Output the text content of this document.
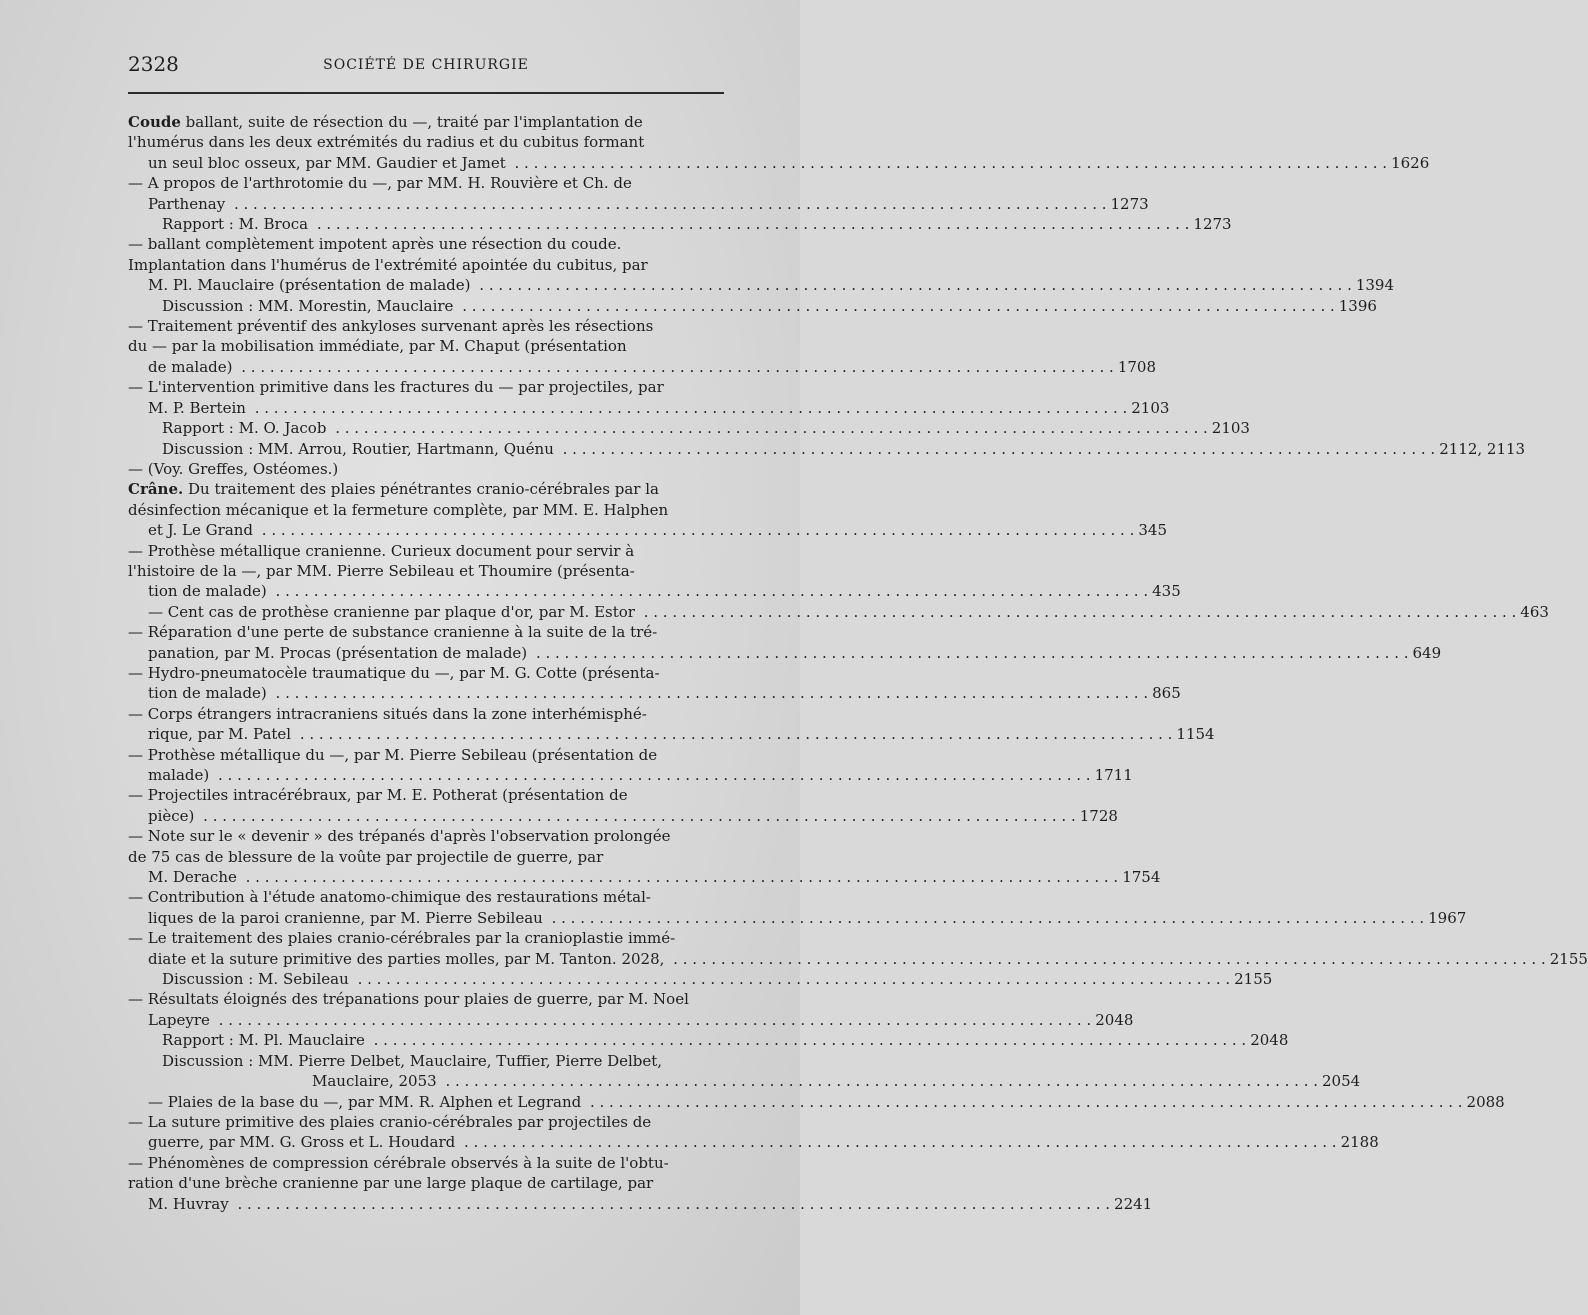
2328	SOCIÉTÉ DE CHIRURGIE
Coude ballant, suite de résection du —, traité par l'implantation de
l'humérus dans les deux extrémités du radius et du cubitus formant
un seul bloc osseux, par MM. Gaudier et Jamet . . .	1626
— A propos de l'arthrotomie du —, par MM. H. Rouvière et Ch. de
Parthenay . . .	1273
Rapport : M. Broca . . .	1273
— ballant complètement impotent après une résection du coude.
Implantation dans l'humérus de l'extrémité apointée du cubitus, par
M. Pl. Mauclaire (présentation de malade) . . .	1394
Discussion : MM. Morestin, Mauclaire . . .	1396
— Traitement préventif des ankyloses survenant après les résections
du — par la mobilisation immédiate, par M. Chaput (présentation
de malade) . . .	1708
— L'intervention primitive dans les fractures du — par projectiles, par
M. P. Bertein . . .	2103
Rapport : M. O. Jacob . . .	2103
Discussion : MM. Arrou, Routier, Hartmann, Quénu . . .	2112, 2113
— (Voy. Greffes, Ostéomes.)
Crâne. Du traitement des plaies pénétrantes cranio-cérébrales par la
désinfection mécanique et la fermeture complète, par MM. E. Halphen
et J. Le Grand . . .	345
— Prothèse métallique cranienne. Curieux document pour servir à
l'histoire de la —, par MM. Pierre Sebileau et Thoumire (présenta-
tion de malade) . . .	435
— Cent cas de prothèse cranienne par plaque d'or, par M. Estor . . .	463
— Réparation d'une perte de substance cranienne à la suite de la tré-
panation, par M. Procas (présentation de malade) . . .	649
— Hydro-pneumatocèle traumatique du —, par M. G. Cotte (présenta-
tion de malade) . . .	865
— Corps étrangers intracraniens situés dans la zone interhémisphé-
rique, par M. Patel . . .	1154
— Prothèse métallique du —, par M. Pierre Sebileau (présentation de
malade) . . .	1711
— Projectiles intracérébraux, par M. E. Potherat (présentation de
pièce) . . .	1728
— Note sur le « devenir » des trépanés d'après l'observation prolongée
de 75 cas de blessure de la voûte par projectile de guerre, par
M. Derache . . .	1754
— Contribution à l'étude anatomo-chimique des restaurations métal-
liques de la paroi cranienne, par M. Pierre Sebileau . . .	1967
— Le traitement des plaies cranio-cérébrales par la cranioplastie immé-
diate et la suture primitive des parties molles, par M. Tanton. 2028, . . .	2155
Discussion : M. Sebileau . . .	2155
— Résultats éloignés des trépanations pour plaies de guerre, par M. Noel
Lapeyre . . .	2048
Rapport : M. Pl. Mauclaire . . .	2048
Discussion : MM. Pierre Delbet, Mauclaire, Tuffier, Pierre Delbet,
Mauclaire, 2053 . . .	2054
— Plaies de la base du —, par MM. R. Alphen et Legrand . . .	2088
— La suture primitive des plaies cranio-cérébrales par projectiles de
guerre, par MM. G. Gross et L. Houdard . . .	2188
— Phénomènes de compression cérébrale observés à la suite de l'obtu-
ration d'une brèche cranienne par une large plaque de cartilage, par
M. Huvray . . .	2241
